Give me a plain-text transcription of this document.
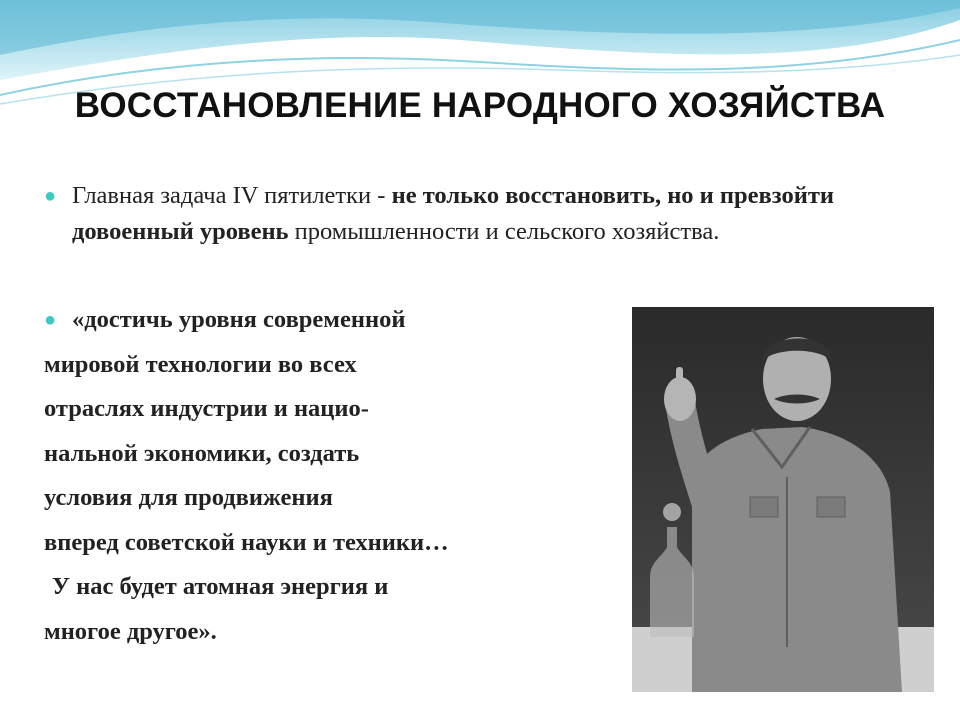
ВОССТАНОВЛЕНИЕ НАРОДНОГО ХОЗЯЙСТВА
● Главная задача IV пятилетки - не только восстановить, но и превзойти довоенный уровень промышленности и сельского хозяйства.
● «достичь уровня современной
мировой технологии во всех
отраслях индустрии и нацио-
нальной экономики, создать
условия для продвижения
вперед советской науки и техники…
У нас будет атомная энергия и
многое другое».
